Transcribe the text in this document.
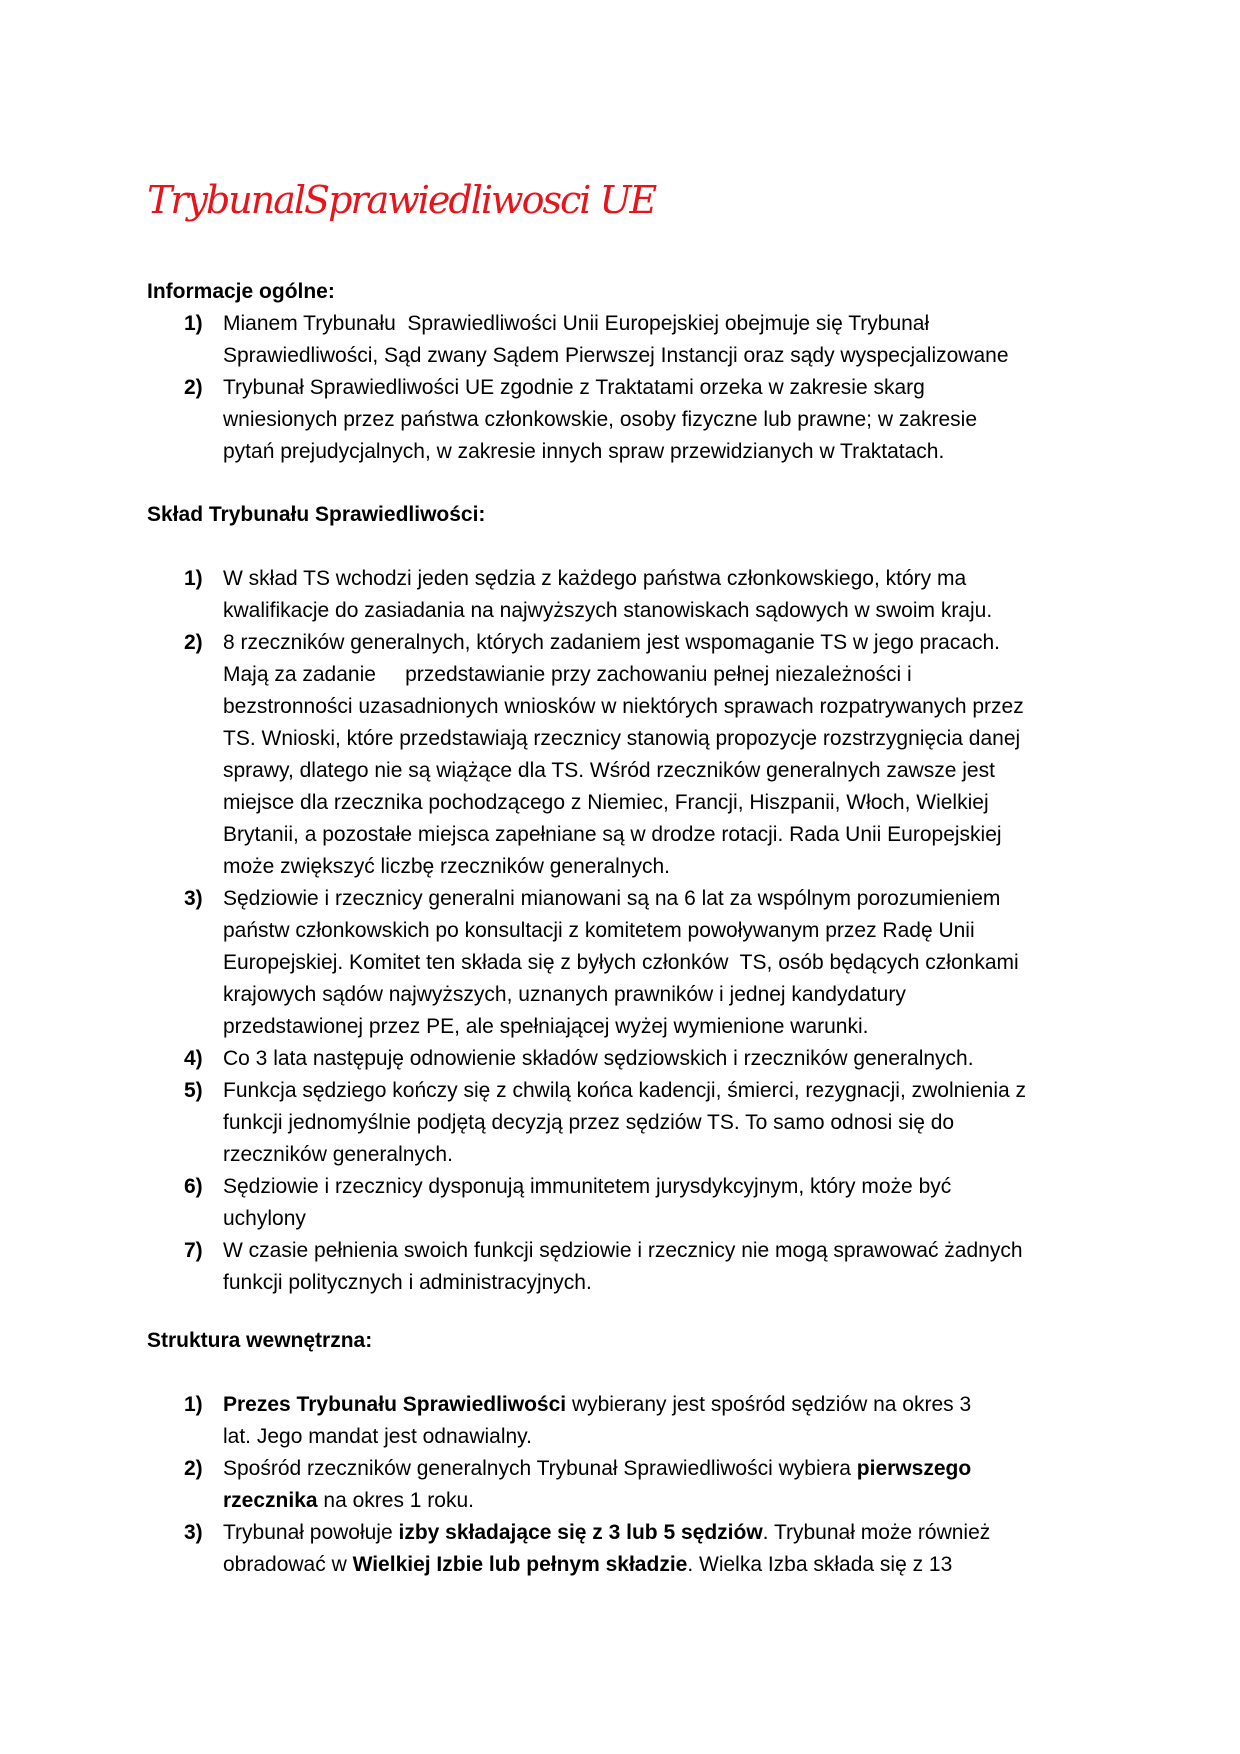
TrybunalSprawiedliwosci UE
Informacje ogólne:
1) Mianem Trybunału  Sprawiedliwości Unii Europejskiej obejmuje się Trybunał
Sprawiedliwości, Sąd zwany Sądem Pierwszej Instancji oraz sądy wyspecjalizowane
2) Trybunał Sprawiedliwości UE zgodnie z Traktatami orzeka w zakresie skarg
wniesionych przez państwa członkowskie, osoby fizyczne lub prawne; w zakresie
pytań prejudycjalnych, w zakresie innych spraw przewidzianych w Traktatach.
Skład Trybunału Sprawiedliwości:
1) W skład TS wchodzi jeden sędzia z każdego państwa członkowskiego, który ma
kwalifikacje do zasiadania na najwyższych stanowiskach sądowych w swoim kraju.
2) 8 rzeczników generalnych, których zadaniem jest wspomaganie TS w jego pracach.
Mają za zadanie     przedstawianie przy zachowaniu pełnej niezależności i
bezstronności uzasadnionych wniosków w niektórych sprawach rozpatrywanych przez
TS. Wnioski, które przedstawiają rzecznicy stanowią propozycje rozstrzygnięcia danej
sprawy, dlatego nie są wiążące dla TS. Wśród rzeczników generalnych zawsze jest
miejsce dla rzecznika pochodzącego z Niemiec, Francji, Hiszpanii, Włoch, Wielkiej
Brytanii, a pozostałe miejsca zapełniane są w drodze rotacji. Rada Unii Europejskiej
może zwiększyć liczbę rzeczników generalnych.
3) Sędziowie i rzecznicy generalni mianowani są na 6 lat za wspólnym porozumieniem
państw członkowskich po konsultacji z komitetem powoływanym przez Radę Unii
Europejskiej. Komitet ten składa się z byłych członków  TS, osób będących członkami
krajowych sądów najwyższych, uznanych prawników i jednej kandydatury
przedstawionej przez PE, ale spełniającej wyżej wymienione warunki.
4) Co 3 lata następuję odnowienie składów sędziowskich i rzeczników generalnych.
5) Funkcja sędziego kończy się z chwilą końca kadencji, śmierci, rezygnacji, zwolnienia z
funkcji jednomyślnie podjętą decyzją przez sędziów TS. To samo odnosi się do
rzeczników generalnych.
6) Sędziowie i rzecznicy dysponują immunitetem jurysdykcyjnym, który może być
uchylony
7) W czasie pełnienia swoich funkcji sędziowie i rzecznicy nie mogą sprawować żadnych
funkcji politycznych i administracyjnych.
Struktura wewnętrzna:
1) Prezes Trybunału Sprawiedliwości wybierany jest spośród sędziów na okres 3
lat. Jego mandat jest odnawialny.
2) Spośród rzeczników generalnych Trybunał Sprawiedliwości wybiera pierwszego
rzecznika na okres 1 roku.
3) Trybunał powołuje izby składające się z 3 lub 5 sędziów. Trybunał może również
obradować w Wielkiej Izbie lub pełnym składzie. Wielka Izba składa się z 13
